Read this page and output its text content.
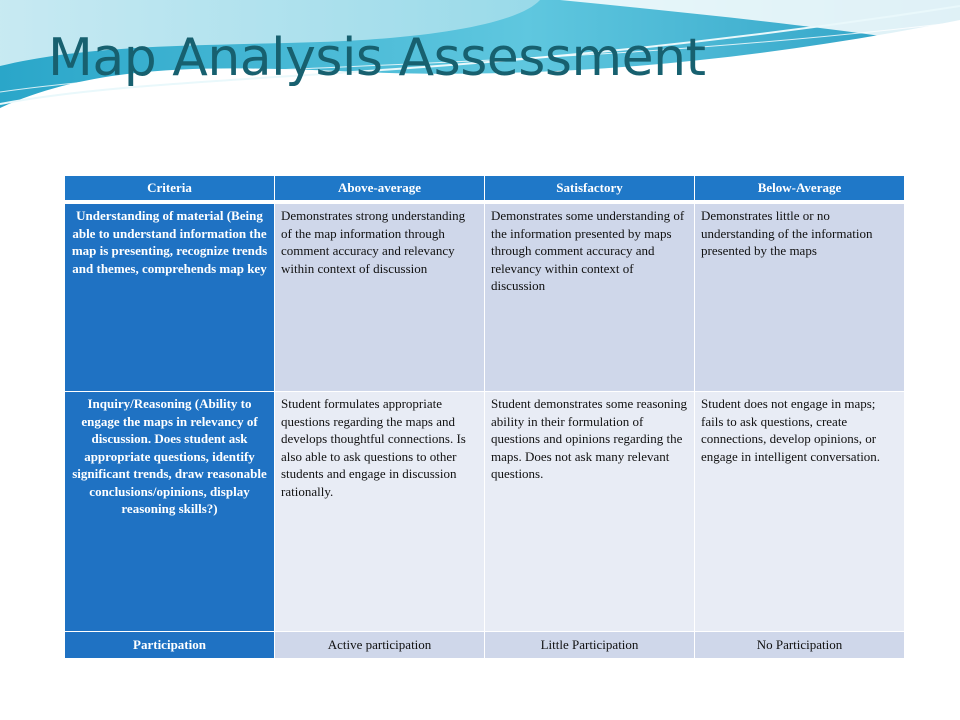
Map Analysis Assessment
Criteria	Above-average	Satisfactory	Below-Average

Understanding of material (Being able to understand information the map is presenting, recognize trends and themes, comprehends map key	Demonstrates strong understanding of the map information through comment accuracy and relevancy within context of discussion	Demonstrates some understanding of the information presented by maps through comment accuracy and relevancy within context of discussion	Demonstrates little or no understanding of the information presented by the maps
Inquiry/Reasoning (Ability to engage the maps in relevancy of discussion. Does student ask appropriate questions, identify significant trends, draw reasonable conclusions/opinions, display reasoning skills?)	Student formulates appropriate questions regarding the maps and develops thoughtful connections. Is also able to ask questions to other students and engage in discussion rationally.	Student demonstrates some reasoning ability in their formulation of questions and opinions regarding the maps. Does not ask many relevant questions.	Student does not engage in maps; fails to ask questions, create connections, develop opinions, or engage in intelligent conversation.
Participation	Active participation	Little Participation	No Participation
